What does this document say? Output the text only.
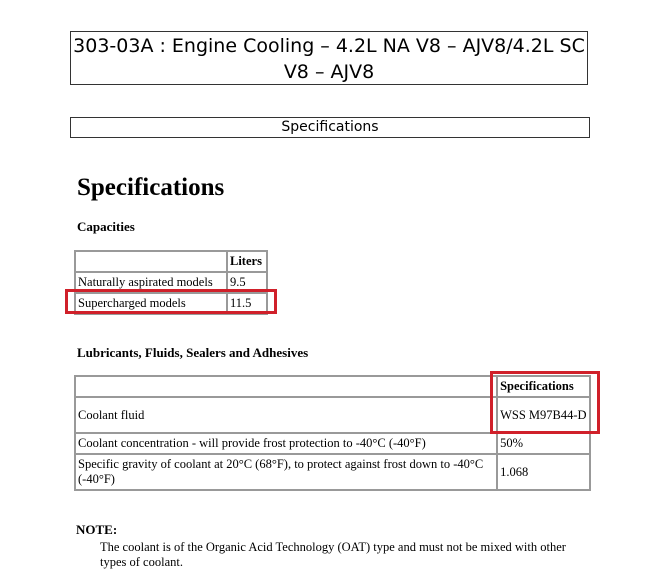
303-03A : Engine Cooling – 4.2L NA V8 – AJV8/4.2L SC V8 – AJV8
Specifications
Specifications
Capacities
	Liters
Naturally aspirated models	9.5
Supercharged models	11.5
Lubricants, Fluids, Sealers and Adhesives
	Specifications
Coolant fluid	WSS M97B44-D
Coolant concentration - will provide frost protection to -40°C (-40°F)	50%
Specific gravity of coolant at 20°C (68°F), to protect against frost down to -40°C (-40°F)	1.068
NOTE:
The coolant is of the Organic Acid Technology (OAT) type and must not be mixed with other types of coolant.
